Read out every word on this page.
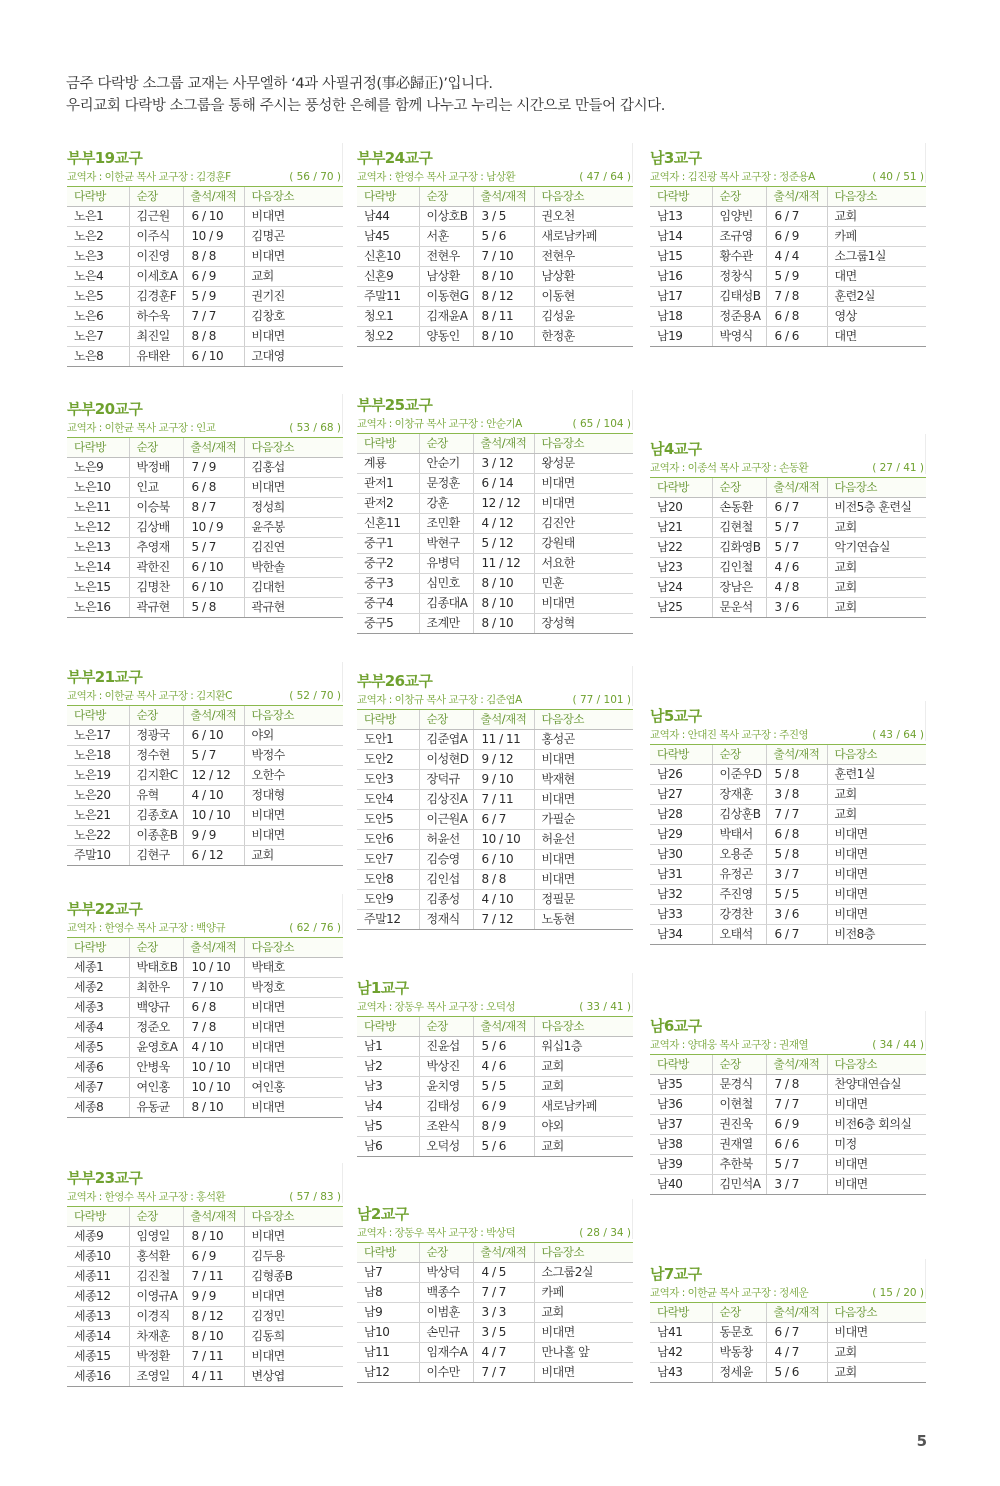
금주 다락방 소그룹 교재는 사무엘하 ‘4과 사필귀정(事必歸正)’입니다.
우리교회 다락방 소그룹을 통해 주시는 풍성한 은혜를 함께 나누고 누리는 시간으로 만들어 갑시다.
부부19교구
교역자 : 이한균 목사 교구장 : 김경훈F	( 56 / 70 )
다락방	순장	출석/재적	다음장소
노은1	김근원	6 / 10	비대면
노은2	이주식	10 / 9	김명곤
노은3	이진영	8 / 8	비대면
노은4	이세호A	6 / 9	교회
노은5	김경훈F	5 / 9	권기진
노은6	하수욱	7 / 7	김창호
노은7	최진일	8 / 8	비대면
노은8	유태완	6 / 10	고대영
부부20교구
교역자 : 이한균 목사 교구장 : 인교	( 53 / 68 )
다락방	순장	출석/재적	다음장소
노은9	박정배	7 / 9	김홍섭
노은10	인교	6 / 8	비대면
노은11	이승북	8 / 7	정성희
노은12	김상배	10 / 9	윤주봉
노은13	추영재	5 / 7	김진연
노은14	곽한진	6 / 10	박한솔
노은15	김명찬	6 / 10	김대헌
노은16	곽규현	5 / 8	곽규현
부부21교구
교역자 : 이한균 목사 교구장 : 김지환C	( 52 / 70 )
다락방	순장	출석/재적	다음장소
노은17	정광국	6 / 10	야외
노은18	정수현	5 / 7	박정수
노은19	김지환C	12 / 12	오한수
노은20	유혁	4 / 10	정대형
노은21	김종호A	10 / 10	비대면
노은22	이종훈B	9 / 9	비대면
주말10	김현구	6 / 12	교회
부부22교구
교역자 : 한영수 목사 교구장 : 백양규	( 62 / 76 )
다락방	순장	출석/재적	다음장소
세종1	박태호B	10 / 10	박태호
세종2	최한우	7 / 10	박정호
세종3	백양규	6 / 8	비대면
세종4	정준오	7 / 8	비대면
세종5	윤영호A	4 / 10	비대면
세종6	안병욱	10 / 10	비대면
세종7	여인홍	10 / 10	여인홍
세종8	유동균	8 / 10	비대면
부부23교구
교역자 : 한영수 목사 교구장 : 홍석환	( 57 / 83 )
다락방	순장	출석/재적	다음장소
세종9	임영일	8 / 10	비대면
세종10	홍석환	6 / 9	김두용
세종11	김진철	7 / 11	김형종B
세종12	이영규A	9 / 9	비대면
세종13	이경직	8 / 12	김정민
세종14	차재훈	8 / 10	김동희
세종15	박정환	7 / 11	비대면
세종16	조영일	4 / 11	변상엽
부부24교구
교역자 : 한영수 목사 교구장 : 남상환	( 47 / 64 )
다락방	순장	출석/재적	다음장소
남44	이상호B	3 / 5	권오천
남45	서훈	5 / 6	새로남카페
신혼10	전현우	7 / 10	전현우
신혼9	남상환	8 / 10	남상환
주말11	이동현G	8 / 12	이동현
청오1	김재윤A	8 / 11	김성윤
청오2	양동인	8 / 10	한정훈
부부25교구
교역자 : 이창규 목사 교구장 : 안순기A	( 65 / 104 )
다락방	순장	출석/재적	다음장소
계룡	안순기	3 / 12	왕성문
관저1	문정훈	6 / 14	비대면
관저2	강훈	12 / 12	비대면
신혼11	조민환	4 / 12	김진안
중구1	박현구	5 / 12	강원태
중구2	유병덕	11 / 12	서요한
중구3	심민호	8 / 10	민훈
중구4	김종대A	8 / 10	비대면
중구5	조계만	8 / 10	장성혁
부부26교구
교역자 : 이창규 목사 교구장 : 김준엽A	( 77 / 101 )
다락방	순장	출석/재적	다음장소
도안1	김준엽A	11 / 11	홍성곤
도안2	이성현D	9 / 12	비대면
도안3	장덕규	9 / 10	박재현
도안4	김상진A	7 / 11	비대면
도안5	이근원A	6 / 7	가필순
도안6	허윤선	10 / 10	허윤선
도안7	김승영	6 / 10	비대면
도안8	김인섭	8 / 8	비대면
도안9	김종성	4 / 10	정필문
주말12	정재식	7 / 12	노동현
남1교구
교역자 : 장동우 목사 교구장 : 오덕성	( 33 / 41 )
다락방	순장	출석/재적	다음장소
남1	진윤섭	5 / 6	워십1층
남2	박상진	4 / 6	교회
남3	윤치영	5 / 5	교회
남4	김태성	6 / 9	새로남카페
남5	조완식	8 / 9	야외
남6	오덕성	5 / 6	교회
남2교구
교역자 : 장동우 목사 교구장 : 박상덕	( 28 / 34 )
다락방	순장	출석/재적	다음장소
남7	박상덕	4 / 5	소그룹2실
남8	백종수	7 / 7	카페
남9	이범훈	3 / 3	교회
남10	손민규	3 / 5	비대면
남11	임재수A	4 / 7	만나홀 앞
남12	이수만	7 / 7	비대면
남3교구
교역자 : 김진광 목사 교구장 : 정준용A	( 40 / 51 )
다락방	순장	출석/재적	다음장소
남13	임양빈	6 / 7	교회
남14	조규영	6 / 9	카페
남15	황수관	4 / 4	소그룹1실
남16	정창식	5 / 9	대면
남17	김태성B	7 / 8	훈련2실
남18	정준용A	6 / 8	영상
남19	박영식	6 / 6	대면
남4교구
교역자 : 이종석 목사 교구장 : 손동환	( 27 / 41 )
다락방	순장	출석/재적	다음장소
남20	손동환	6 / 7	비전5층 훈련실
남21	김현철	5 / 7	교회
남22	김화영B	5 / 7	악기연습실
남23	김인철	4 / 6	교회
남24	장남은	4 / 8	교회
남25	문운석	3 / 6	교회
남5교구
교역자 : 안대진 목사 교구장 : 주진영	( 43 / 64 )
다락방	순장	출석/재적	다음장소
남26	이준우D	5 / 8	훈련1실
남27	장재훈	3 / 8	교회
남28	김상훈B	7 / 7	교회
남29	박태서	6 / 8	비대면
남30	오용준	5 / 8	비대면
남31	유정곤	3 / 7	비대면
남32	주진영	5 / 5	비대면
남33	강경찬	3 / 6	비대면
남34	오태석	6 / 7	비전8층
남6교구
교역자 : 양대웅 목사 교구장 : 권재열	( 34 / 44 )
다락방	순장	출석/재적	다음장소
남35	문경식	7 / 8	찬양대연습실
남36	이현철	7 / 7	비대면
남37	권진욱	6 / 9	비전6층 회의실
남38	권재열	6 / 6	미정
남39	추한북	5 / 7	비대면
남40	김민석A	3 / 7	비대면
남7교구
교역자 : 이한균 목사 교구장 : 정세운	( 15 / 20 )
다락방	순장	출석/재적	다음장소
남41	동문호	6 / 7	비대면
남42	박동창	4 / 7	교회
남43	정세윤	5 / 6	교회
5
